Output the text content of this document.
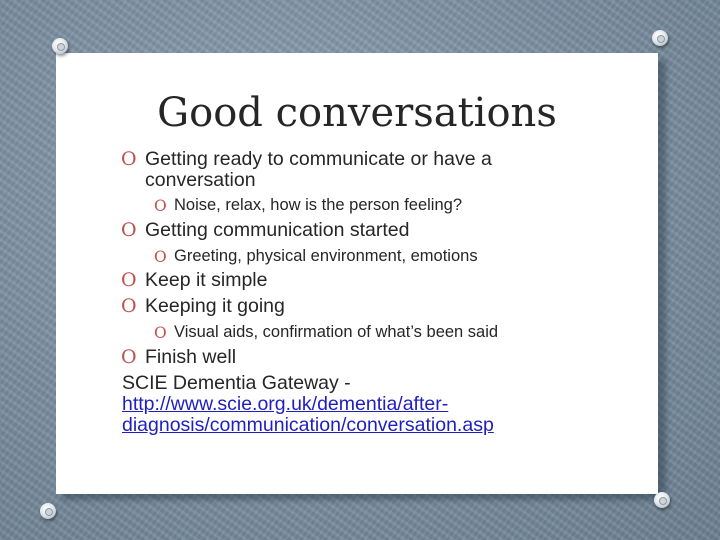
Good conversations
O Getting ready to communicate or have a
conversation
O Noise, relax, how is the person feeling?
O Getting communication started
O Greeting, physical environment, emotions
O Keep it simple
O Keeping it going
O Visual aids, confirmation of what’s been said
O Finish well
SCIE Dementia Gateway -
http://www.scie.org.uk/dementia/after-
diagnosis/communication/conversation.asp
